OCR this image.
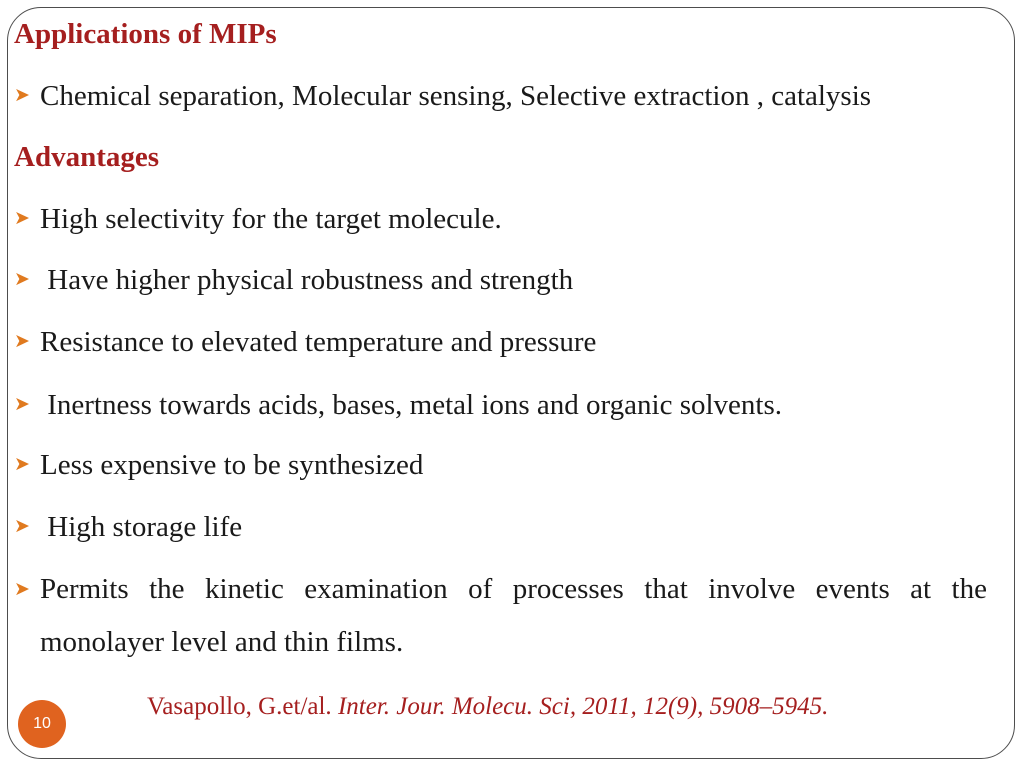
Applications of MIPs

➤ Chemical separation, Molecular sensing, Selective extraction , catalysis

Advantages

➤ High selectivity for the target molecule.

➤ Have higher physical robustness and strength

➤ Resistance to elevated temperature and pressure

➤ Inertness towards acids, bases, metal ions and organic solvents.

➤ Less expensive to be synthesized

➤ High storage life

➤ Permits the kinetic examination of processes that involve events at the
monolayer level and thin films.

Vasapollo, G.et/al. Inter. Jour. Molecu. Sci, 2011, 12(9), 5908–5945.

10
